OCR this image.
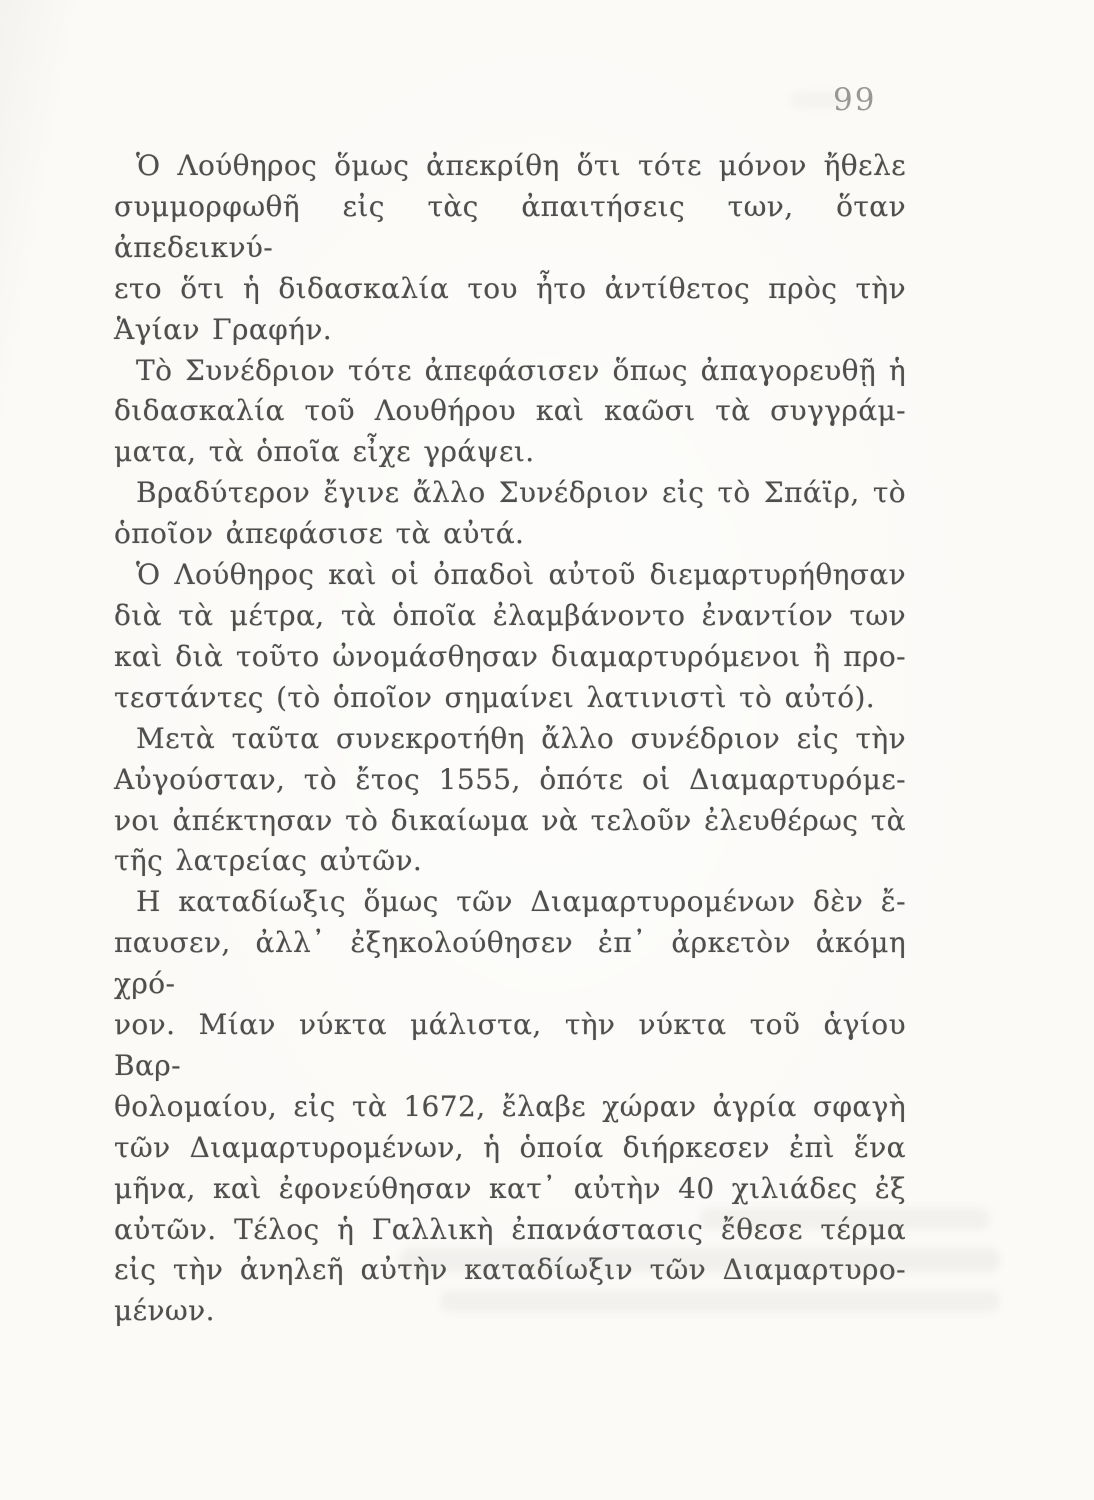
99
Ὁ Λούθηρος ὅμως ἀπεκρίθη ὅτι τότε μόνον ἤθελε
συμμορφωθῆ εἰς τὰς ἀπαιτήσεις των, ὅταν ἀπεδεικνύ-
ετο ὅτι ἡ διδασκαλία του ἦτο ἀντίθετος πρὸς τὴν
Ἁγίαν Γραφήν.
Τὸ Συνέδριον τότε ἀπεφάσισεν ὅπως ἀπαγορευθῇ ἡ
διδασκαλία τοῦ Λουθήρου καὶ καῶσι τὰ συγγράμ-
ματα, τὰ ὁποῖα εἶχε γράψει.
Βραδύτερον ἔγινε ἄλλο Συνέδριον εἰς τὸ Σπάϊρ, τὸ
ὁποῖον ἀπεφάσισε τὰ αὐτά.
Ὁ Λούθηρος καὶ οἱ ὀπαδοὶ αὐτοῦ διεμαρτυρήθησαν
διὰ τὰ μέτρα, τὰ ὁποῖα ἐλαμβάνοντο ἐναντίον των
καὶ διὰ τοῦτο ὠνομάσθησαν διαμαρτυρόμενοι ἢ προ-
τεστάντες (τὸ ὁποῖον σημαίνει λατινιστὶ τὸ αὐτό).
Μετὰ ταῦτα συνεκροτήθη ἄλλο συνέδριον εἰς τὴν
Αὐγούσταν, τὸ ἔτος 1555, ὁπότε οἱ Διαμαρτυρόμε-
νοι ἀπέκτησαν τὸ δικαίωμα νὰ τελοῦν ἐλευθέρως τὰ
τῆς λατρείας αὐτῶν.
Η καταδίωξις ὅμως τῶν Διαμαρτυρομένων δὲν ἔ-
παυσεν, ἀλλ᾽ ἐξηκολούθησεν ἐπ᾽ ἀρκετὸν ἀκόμη χρό-
νον. Μίαν νύκτα μάλιστα, τὴν νύκτα τοῦ ἁγίου Βαρ-
θολομαίου, εἰς τὰ 1672, ἔλαβε χώραν ἀγρία σφαγὴ
τῶν Διαμαρτυρομένων, ἡ ὁποία διήρκεσεν ἐπὶ ἕνα
μῆνα, καὶ ἐφονεύθησαν κατ᾽ αὐτὴν 40 χιλιάδες ἐξ
αὐτῶν. Τέλος ἡ Γαλλικὴ ἐπανάστασις ἔθεσε τέρμα
εἰς τὴν ἀνηλεῆ αὐτὴν καταδίωξιν τῶν Διαμαρτυρο-
μένων.
